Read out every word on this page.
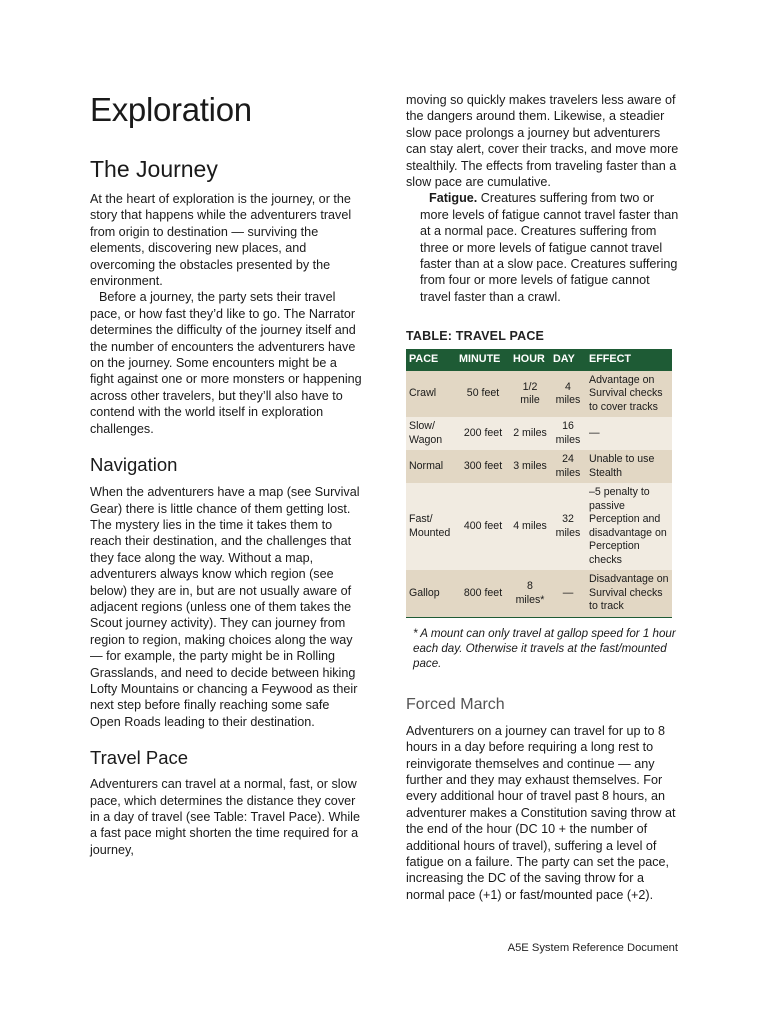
Exploration
The Journey

At the heart of exploration is the journey, or the story that happens while the adventurers travel from origin to destination — surviving the elements, discovering new places, and overcoming the obstacles presented by the environment.

Before a journey, the party sets their travel pace, or how fast they’d like to go. The Narrator determines the difficulty of the journey itself and the number of encounters the adventurers have on the journey. Some encounters might be a fight against one or more monsters or happening across other travelers, but they’ll also have to contend with the world itself in exploration challenges.

Navigation

When the adventurers have a map (see Survival Gear) there is little chance of them getting lost. The mystery lies in the time it takes them to reach their destination, and the challenges that they face along the way. Without a map, adventurers always know which region (see below) they are in, but are not usually aware of adjacent regions (unless one of them takes the Scout journey activity). They can journey from region to region, making choices along the way — for example, the party might be in Rolling Grasslands, and need to decide between hiking Lofty Mountains or chancing a Feywood as their next step before finally reaching some safe Open Roads leading to their destination.

Travel Pace

Adventurers can travel at a normal, fast, or slow pace, which determines the distance they cover in a day of travel (see Table: Travel Pace). While a fast pace might shorten the time required for a journey,

moving so quickly makes travelers less aware of the dangers around them. Likewise, a steadier slow pace prolongs a journey but adventurers can stay alert, cover their tracks, and move more stealthily. The effects from traveling faster than a slow pace are cumulative.

Fatigue. Creatures suffering from two or more levels of fatigue cannot travel faster than at a normal pace. Creatures suffering from three or more levels of fatigue cannot travel faster than at a slow pace. Creatures suffering from four or more levels of fatigue cannot travel faster than a crawl.

TABLE: TRAVEL PACE
PACE	MINUTE	HOUR	DAY	EFFECT
Crawl	50 feet	1/2 mile	4 miles	Advantage on Survival checks to cover tracks
Slow/ Wagon	200 feet	2 miles	16 miles	—
Normal	300 feet	3 miles	24 miles	Unable to use Stealth
Fast/ Mounted	400 feet	4 miles	32 miles	–5 penalty to passive Perception and disadvantage on Perception checks
Gallop	800 feet	8 miles*	—	Disadvantage on Survival checks to track

* A mount can only travel at gallop speed for 1 hour each day. Otherwise it travels at the fast/mounted pace.

Forced March

Adventurers on a journey can travel for up to 8 hours in a day before requiring a long rest to reinvigorate themselves and continue — any further and they may exhaust themselves. For every additional hour of travel past 8 hours, an adventurer makes a Constitution saving throw at the end of the hour (DC 10 + the number of additional hours of travel), suffering a level of fatigue on a failure. The party can set the pace, increasing the DC of the saving throw for a normal pace (+1) or fast/mounted pace (+2).

A5E System Reference Document
